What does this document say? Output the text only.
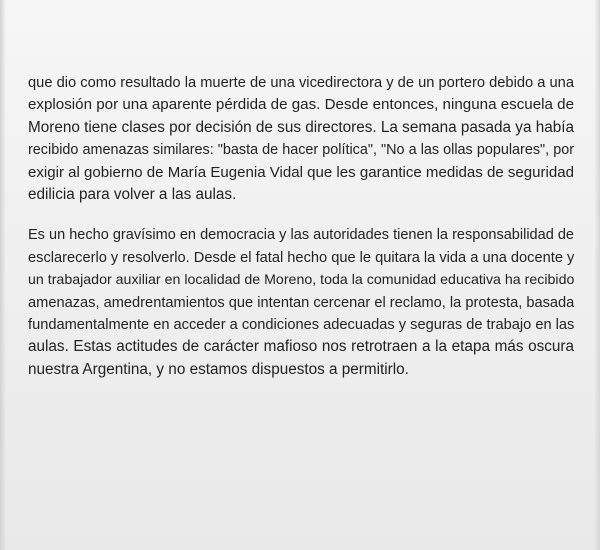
que dio como resultado la muerte de una vicedirectora y de un portero debido a una
explosión por una aparente pérdida de gas. Desde entonces, ninguna escuela de
Moreno tiene clases por decisión de sus directores. La semana pasada ya había
recibido amenazas similares: "basta de hacer política", "No a las ollas populares", por
exigir al gobierno de María Eugenia Vidal que les garantice medidas de seguridad
edilicia para volver a las aulas.

Es un hecho gravísimo en democracia y las autoridades tienen la responsabilidad de
esclarecerlo y resolverlo. Desde el fatal hecho que le quitara la vida a una docente y
un trabajador auxiliar en localidad de Moreno, toda la comunidad educativa ha recibido
amenazas, amedrentamientos que intentan cercenar el reclamo, la protesta, basada
fundamentalmente en acceder a condiciones adecuadas y seguras de trabajo en las
aulas. Estas actitudes de carácter mafioso nos retrotraen a la etapa más oscura
nuestra Argentina, y no estamos dispuestos a permitirlo.
